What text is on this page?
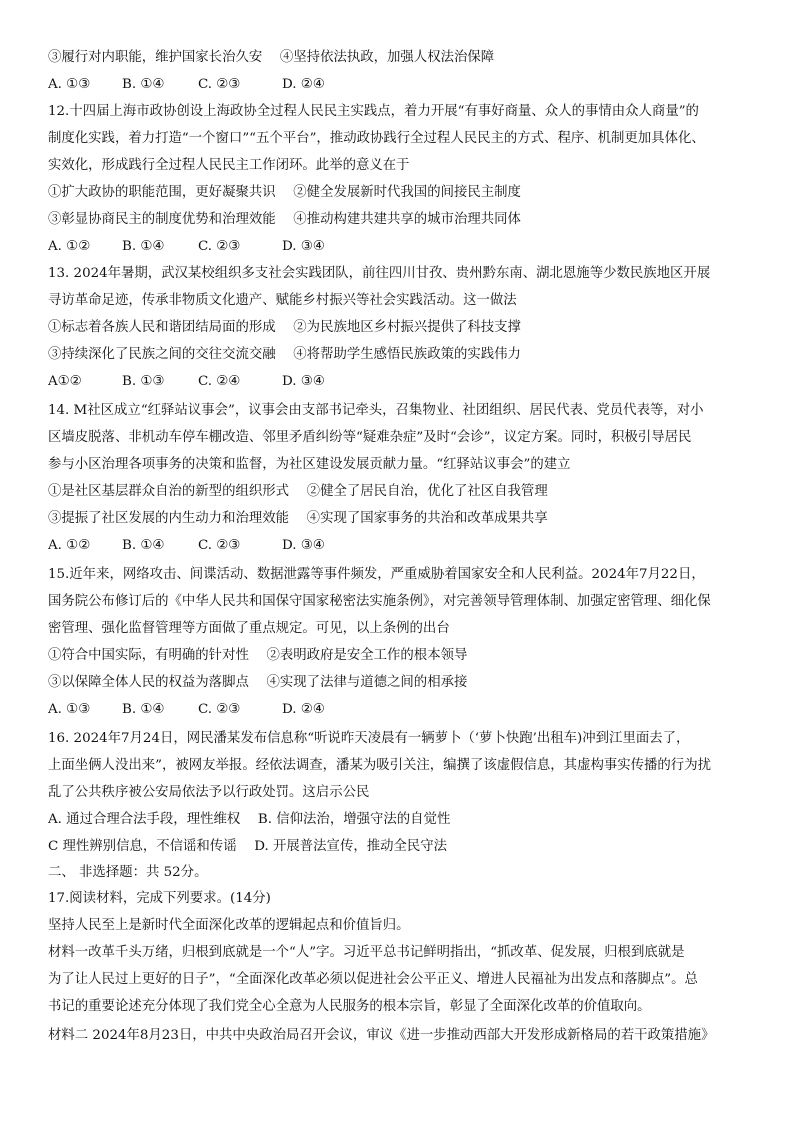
③履行对内职能，维护国家长治久安　 ④坚持依法执政，加强人权法治保障
A. ①③ B. ①④	C. ②③	D. ②④
12.十四届上海市政协创设上海政协全过程人民民主实践点，着力开展“有事好商量、众人的事情由众人商量”的
制度化实践，着力打造“一个窗口”“五个平台”，推动政协践行全过程人民民主的方式、程序、机制更加具体化、
实效化，形成践行全过程人民民主工作闭环。此举的意义在于
①扩大政协的职能范围，更好凝聚共识　 ②健全发展新时代我国的间接民主制度
③彰显协商民主的制度优势和治理效能　 ④推动构建共建共享的城市治理共同体
A. ①② B. ①④	C. ②③	D. ③④
13. 2024年暑期，武汉某校组织多支社会实践团队，前往四川甘孜、贵州黔东南、湖北恩施等少数民族地区开展
寻访革命足迹，传承非物质文化遗产、赋能乡村振兴等社会实践活动。这一做法
①标志着各族人民和谐团结局面的形成　 ②为民族地区乡村振兴提供了科技支撑
③持续深化了民族之间的交往交流交融　 ④将帮助学生感悟民族政策的实践伟力
A①②	B. ①③	C. ②④	D. ③④
14. M社区成立“红驿站议事会”，议事会由支部书记牵头，召集物业、社团组织、居民代表、党员代表等，对小
区墙皮脱落、非机动车停车棚改造、邻里矛盾纠纷等“疑难杂症”及时“会诊”，议定方案。同时，积极引导居民
参与小区治理各项事务的决策和监督，为社区建设发展贡献力量。“红驿站议事会”的建立
①是社区基层群众自治的新型的组织形式　 ②健全了居民自治，优化了社区自我管理
③提振了社区发展的内生动力和治理效能　 ④实现了国家事务的共治和改革成果共享
A. ①② B. ①④	C. ②③	D. ③④
15.近年来，网络攻击、间谍活动、数据泄露等事件频发，严重威胁着国家安全和人民利益。2024年7月22日，
国务院公布修订后的《中华人民共和国保守国家秘密法实施条例》，对完善领导管理体制、加强定密管理、细化保
密管理、强化监督管理等方面做了重点规定。可见，以上条例的出台
①符合中国实际，有明确的针对性　 ②表明政府是安全工作的根本领导
③以保障全体人民的权益为落脚点　 ④实现了法律与道德之间的相承接
A. ①③ B. ①④	C. ②③	D. ②④
16. 2024年7月24日，网民潘某发布信息称“听说昨天凌晨有一辆萝卜（‘萝卜快跑’出租车)冲到江里面去了，
上面坐俩人没出来”，被网友举报。经依法调查，潘某为吸引关注，编撰了该虚假信息，其虚构事实传播的行为扰
乱了公共秩序被公安局依法予以行政处罚。这启示公民
A. 通过合理合法手段，理性维权　 B. 信仰法治，增强守法的自觉性
C 理性辨别信息，不信谣和传谣　 D. 开展普法宣传，推动全民守法
二、 非选择题：共 52分。
17.阅读材料，完成下列要求。(14分)
坚持人民至上是新时代全面深化改革的逻辑起点和价值旨归。
材料一改革千头万绪，归根到底就是一个“人”字。习近平总书记鲜明指出，“抓改革、促发展，归根到底就是
为了让人民过上更好的日子”，“全面深化改革必须以促进社会公平正义、增进人民福祉为出发点和落脚点”。总
书记的重要论述充分体现了我们党全心全意为人民服务的根本宗旨，彰显了全面深化改革的价值取向。
材料二 2024年8月23日，中共中央政治局召开会议，审议《进一步推动西部大开发形成新格局的若干政策措施》
